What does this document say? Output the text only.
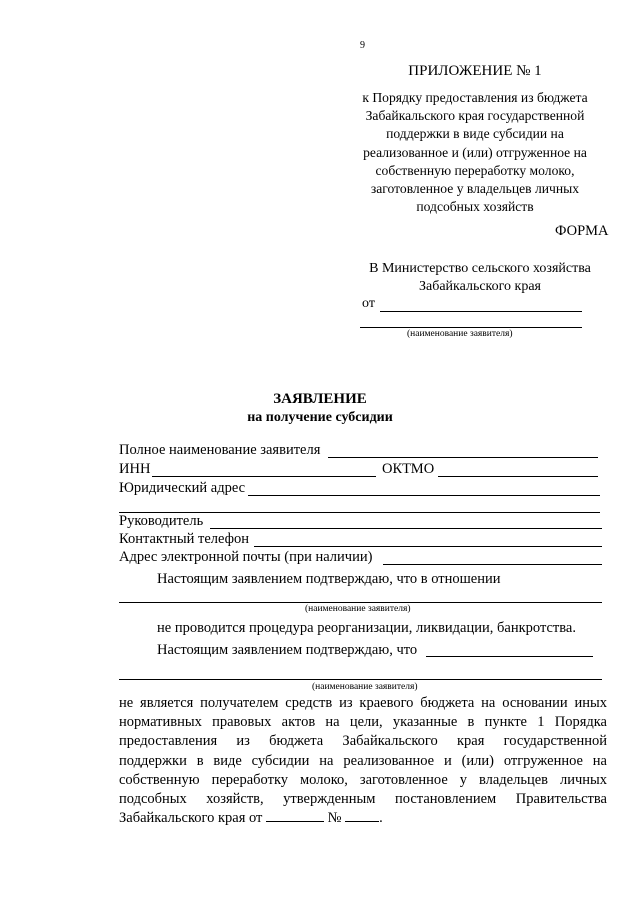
9
ПРИЛОЖЕНИЕ № 1
к Порядку предоставления из бюджета
Забайкальского края государственной
поддержки в виде субсидии на
реализованное и (или) отгруженное на
собственную переработку молоко,
заготовленное у владельцев личных
подсобных хозяйств
ФОРМА
В Министерство сельского хозяйства
Забайкальского края
от
(наименование заявителя)
ЗАЯВЛЕНИЕ
на получение субсидии
Полное наименование заявителя
ИНН	ОКТМО
Юридический адрес
Руководитель
Контактный телефон
Адрес электронной почты (при наличии)
Настоящим заявлением подтверждаю, что в отношении
(наименование заявителя)
не проводится процедура реорганизации, ликвидации, банкротства.
Настоящим заявлением подтверждаю, что
(наименование заявителя)
не является получателем средств из краевого бюджета на основании иных
нормативных правовых актов на цели, указанные в пункте 1 Порядка
предоставления из бюджета Забайкальского края государственной
поддержки в виде субсидии на реализованное и (или) отгруженное на
собственную переработку молоко, заготовленное у владельцев личных
подсобных хозяйств, утвержденным постановлением Правительства
Забайкальского края от	№	.
